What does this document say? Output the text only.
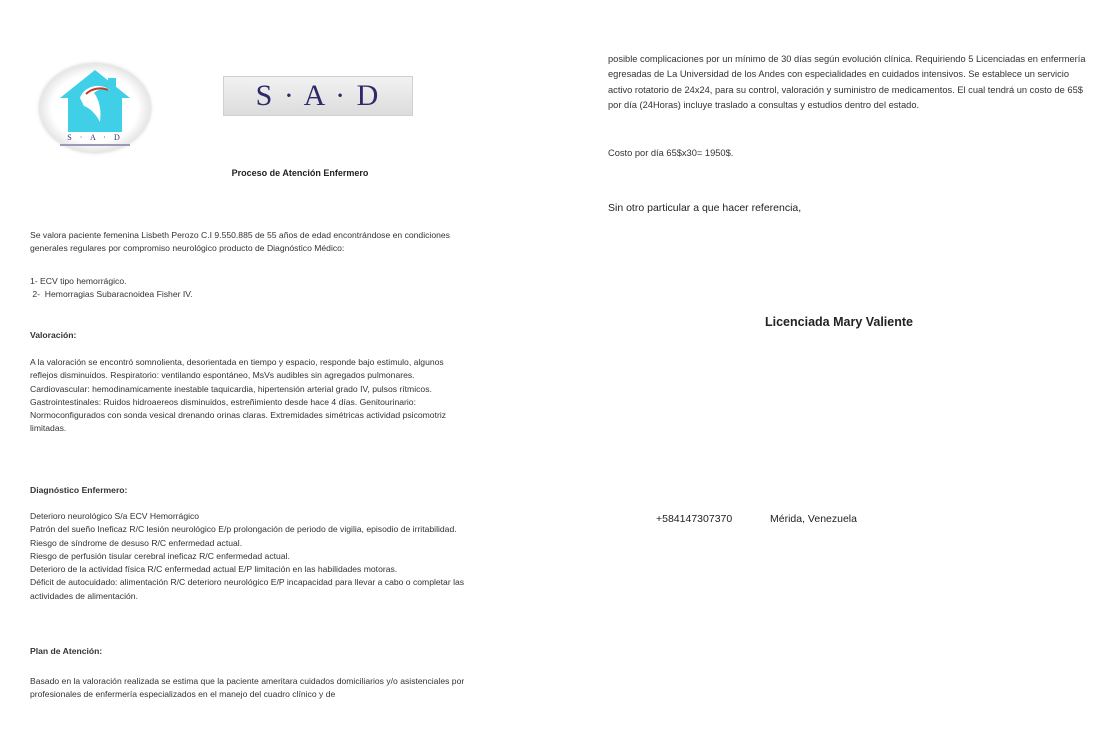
S · A · D
S · A · D
Proceso de Atención Enfermero
Se valora paciente femenina Lisbeth Perozo C.I 9.550.885 de 55 años de edad encontrándose en condiciones generales regulares por compromiso neurológico producto de Diagnóstico Médico:

1- ECV tipo hemorrágico.

2-  Hemorragias Subaracnoidea Fisher IV.

Valoración:
A la valoración se encontró somnolienta, desorientada en tiempo y espacio, responde bajo estimulo, algunos reflejos disminuidos. Respiratorio: ventilando espontáneo, MsVs audibles sin agregados pulmonares. Cardiovascular: hemodinamicamente inestable taquicardia, hipertensión arterial grado IV, pulsos rítmicos. Gastrointestinales: Ruidos hidroaereos disminuidos, estreñimiento desde hace 4 días. Genitourinario: Normoconfigurados con sonda vesical drenando orinas claras. Extremidades simétricas actividad psicomotriz limitadas.
Diagnóstico Enfermero:

Deterioro neurológico S/a ECV Hemorrágico

Patrón del sueño Ineficaz R/C lesión neurológico E/p prolongación de periodo de vigilia, episodio de irritabilidad.

Riesgo de síndrome de desuso R/C enfermedad actual.

Riesgo de perfusión tisular cerebral ineficaz R/C enfermedad actual.

Deterioro de la actividad física R/C enfermedad actual E/P limitación en las habilidades motoras.

Déficit de autocuidado: alimentación R/C deterioro neurológico E/P incapacidad para llevar a cabo o completar las actividades de alimentación.

Plan de Atención:
Basado en la valoración realizada se estima que la paciente ameritara cuidados domiciliarios y/o asistenciales por profesionales de enfermería especializados en el manejo del cuadro clínico y de
posible complicaciones por un mínimo de 30 días según evolución clínica. Requiriendo 5 Licenciadas en enfermería egresadas de La Universidad de los Andes con especialidades en cuidados intensivos. Se establece un servicio activo rotatorio de 24x24, para su control, valoración y suministro de medicamentos. El cual tendrá un costo de 65$ por día (24Horas) incluye traslado a consultas y estudios dentro del estado.
Costo por día 65$x30= 1950$.
Sin otro particular a que hacer referencia,
Licenciada Mary Valiente
+584147307370	Mérida, Venezuela
